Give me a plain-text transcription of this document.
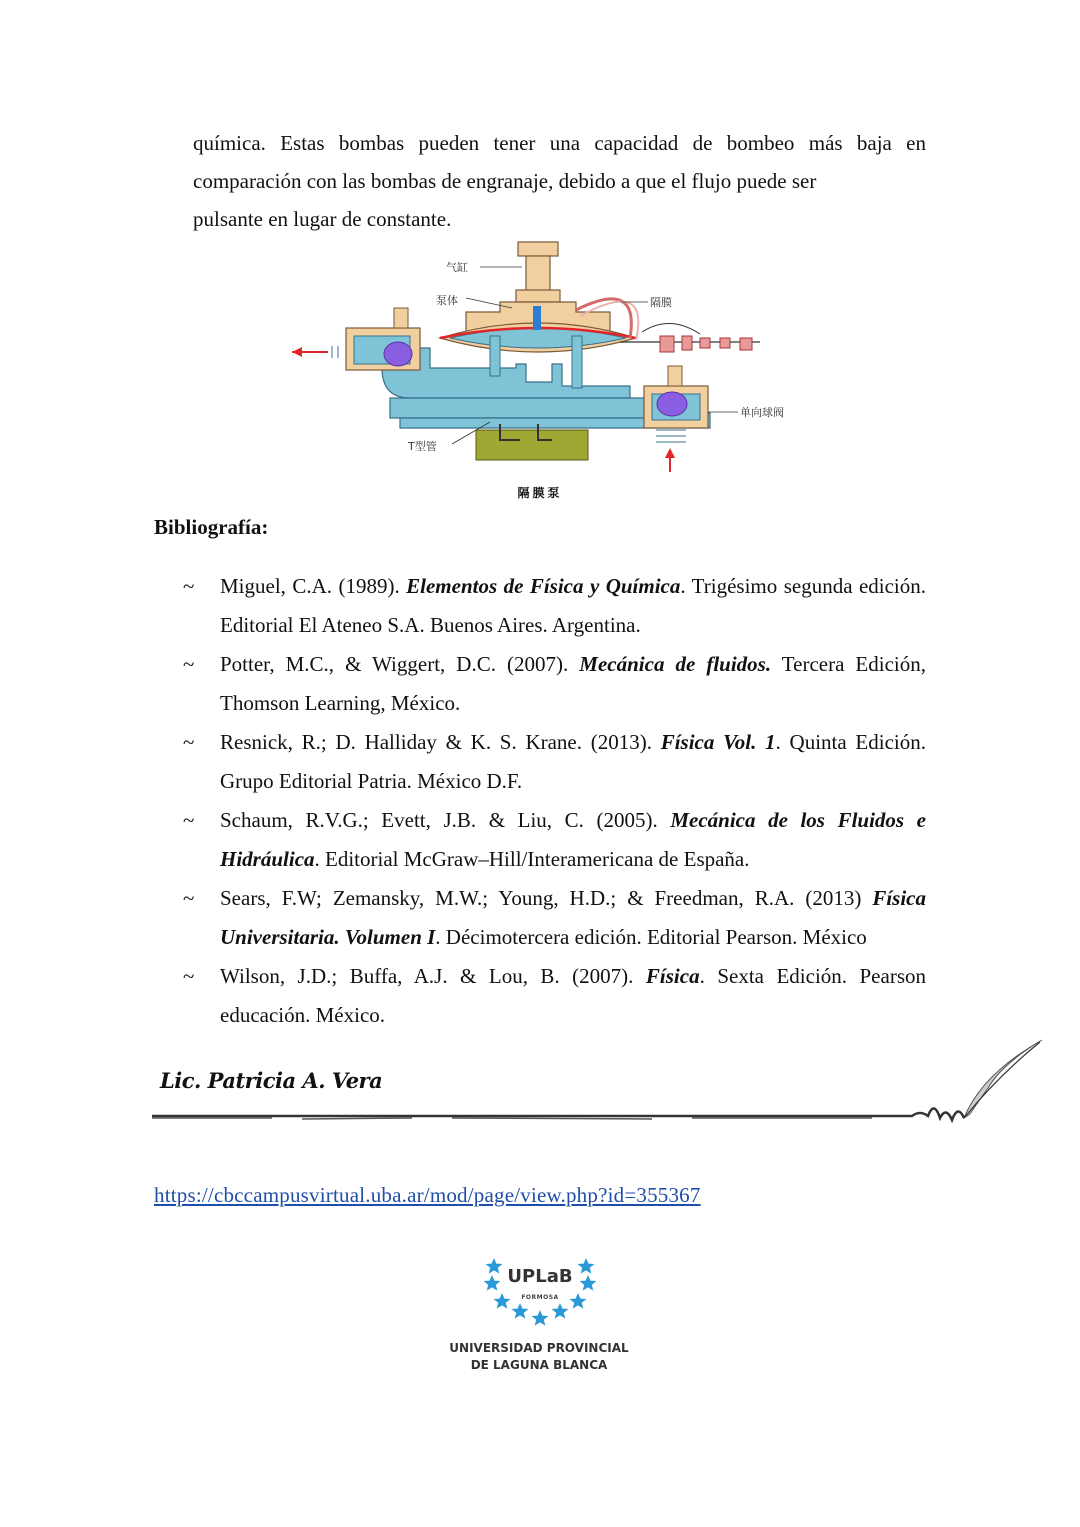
química. Estas bombas pueden tener una capacidad de bombeo más baja en comparación con las bombas de engranaje, debido a que el flujo puede ser
pulsante en lugar de constante.

气缸
泵体	隔膜
单向球阀
T型管
隔膜泵
Bibliografía:
~ Miguel, C.A. (1989). Elementos de Física y Química. Trigésimo segunda edición. Editorial El Ateneo S.A. Buenos Aires. Argentina.
~ Potter, M.C., & Wiggert, D.C. (2007). Mecánica de fluidos. Tercera Edición, Thomson Learning, México.
~ Resnick, R.; D. Halliday & K. S. Krane. (2013). Física Vol. 1. Quinta Edición. Grupo Editorial Patria. México D.F.
~ Schaum, R.V.G.; Evett, J.B. & Liu, C. (2005). Mecánica de los Fluidos e Hidráulica. Editorial McGraw–Hill/Interamericana de España.
~ Sears, F.W; Zemansky, M.W.; Young, H.D.; & Freedman, R.A. (2013) Física Universitaria. Volumen I. Décimotercera edición. Editorial Pearson. México
~ Wilson, J.D.; Buffa, A.J. & Lou, B. (2007). Física. Sexta Edición. Pearson educación. México.
Lic. Patricia A. Vera
https://cbccampusvirtual.uba.ar/mod/page/view.php?id=355367
UPLaB
FORMOSA
UNIVERSIDAD PROVINCIAL
DE LAGUNA BLANCA
